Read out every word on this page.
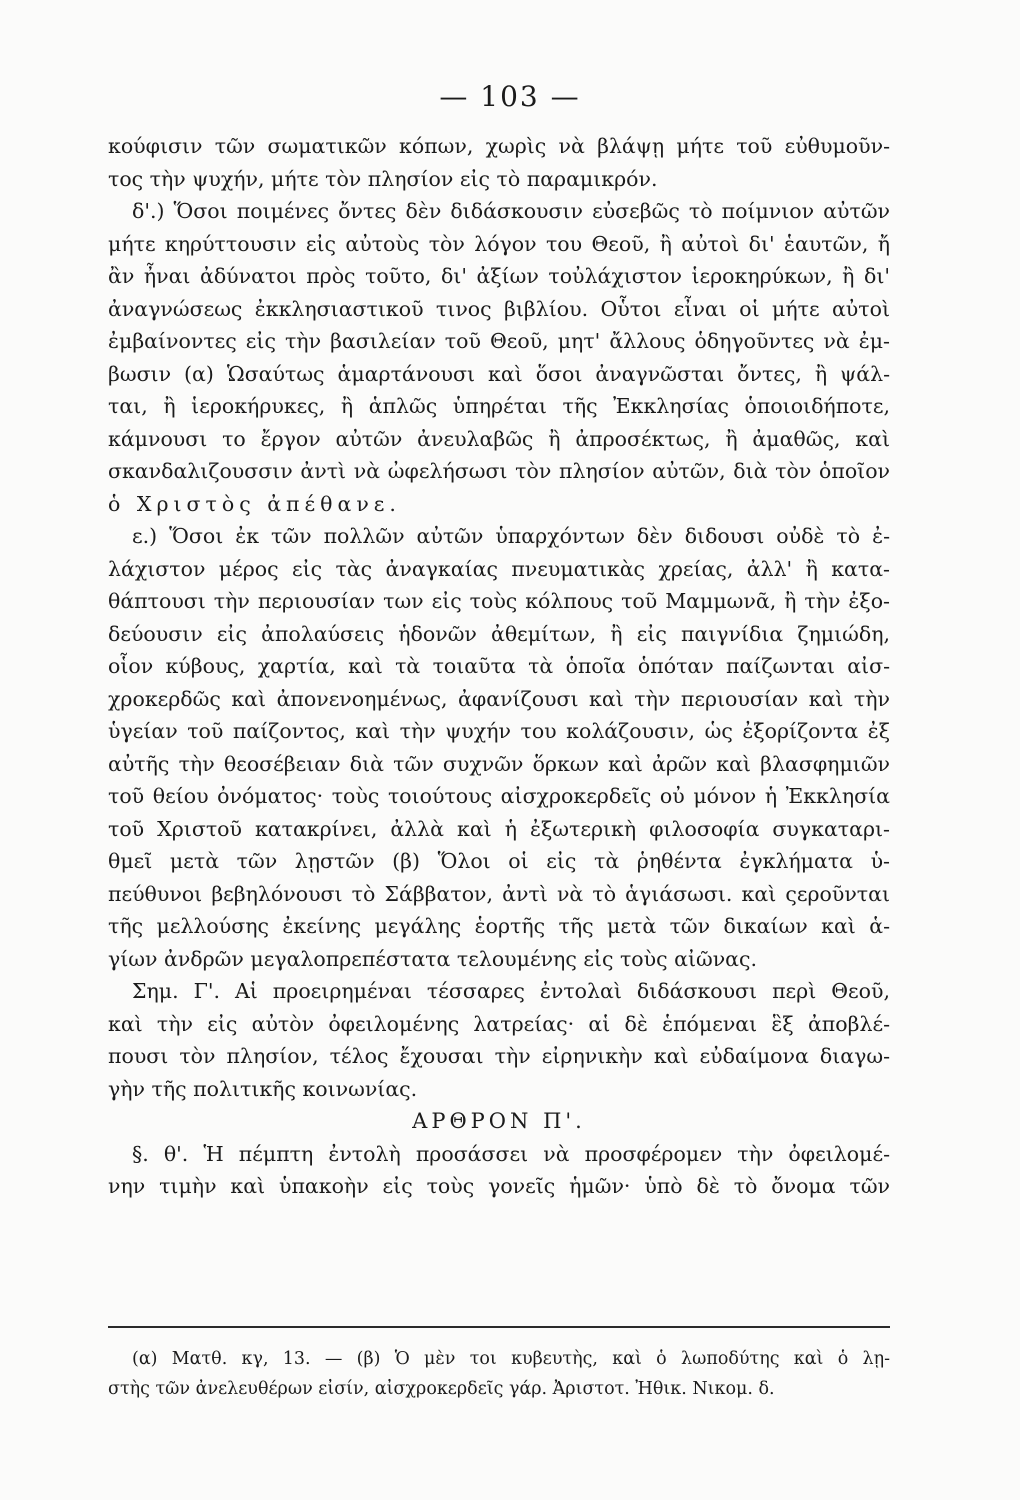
— 103 —
κούφισιν τῶν σωματικῶν κόπων, χωρὶς νὰ βλάψῃ μήτε τοῦ εὐθυμοῦν-
τος τὴν ψυχήν, μήτε τὸν πλησίον εἰς τὸ παραμικρόν.
δ'.) Ὅσοι ποιμένες ὄντες δὲν διδάσκουσιν εὐσεβῶς τὸ ποίμνιον αὐτῶν
μήτε κηρύττουσιν εἰς αὐτοὺς τὸν λόγον του Θεοῦ, ἢ αὐτοὶ δι' ἑαυτῶν, ἤ
ἂν ἦναι ἀδύνατοι πρὸς τοῦτο, δι' ἀξίων τοὐλάχιστον ἱεροκηρύκων, ἢ δι'
ἀναγνώσεως ἐκκλησιαστικοῦ τινος βιβλίου. Οὗτοι εἶναι οἱ μήτε αὐτοὶ
ἐμβαίνοντες εἰς τὴν βασιλείαν τοῦ Θεοῦ, μητ' ἄλλους ὁδηγοῦντες νὰ ἐμ-
βωσιν (α) Ὡσαύτως ἁμαρτάνουσι καὶ ὅσοι ἀναγνῶσται ὄντες, ἢ ψάλ-
ται, ἢ ἱεροκήρυκες, ἢ ἁπλῶς ὑπηρέται τῆς Ἐκκλησίας ὁποιοιδήποτε,
κάμνουσι το ἔργον αὐτῶν ἀνευλαβῶς ἢ ἀπροσέκτως, ἢ ἀμαθῶς, καὶ
σκανδαλιζουσσιν ἀντὶ νὰ ὠφελήσωσι τὸν πλησίον αὐτῶν, διὰ τὸν ὁποῖον
ὁ Χριστὸς ἀπέθανε.
ε.) Ὅσοι ἐκ τῶν πολλῶν αὐτῶν ὑπαρχόντων δὲν διδουσι οὐδὲ τὸ ἐ-
λάχιστον μέρος εἰς τὰς ἀναγκαίας πνευματικὰς χρείας, ἀλλ' ἢ κατα-
θάπτουσι τὴν περιουσίαν των εἰς τοὺς κόλπους τοῦ Μαμμωνᾶ, ἢ τὴν ἐξο-
δεύουσιν εἰς ἀπολαύσεις ἡδονῶν ἀθεμίτων, ἢ εἰς παιγνίδια ζημιώδη,
οἷον κύβους, χαρτία, καὶ τὰ τοιαῦτα τὰ ὁποῖα ὁπόταν παίζωνται αἰσ-
χροκερδῶς καὶ ἀπονενοημένως, ἀφανίζουσι καὶ τὴν περιουσίαν καὶ τὴν
ὑγείαν τοῦ παίζοντος, καὶ τὴν ψυχήν του κολάζουσιν, ὡς ἐξορίζοντα ἐξ
αὐτῆς τὴν θεοσέβειαν διὰ τῶν συχνῶν ὅρκων καὶ ἀρῶν καὶ βλασφημιῶν
τοῦ θείου ὀνόματος· τοὺς τοιούτους αἰσχροκερδεῖς οὐ μόνον ἡ Ἐκκλησία
τοῦ Χριστοῦ κατακρίνει, ἀλλὰ καὶ ἡ ἐξωτερικὴ φιλοσοφία συγκαταρι-
θμεῖ μετὰ τῶν λῃστῶν (β) Ὅλοι οἱ εἰς τὰ ῥηθέντα ἐγκλήματα ὑ-
πεύθυνοι βεβηλόνουσι τὸ Σάββατον, ἀντὶ νὰ τὸ ἁγιάσωσι. καὶ ςεροῦνται
τῆς μελλούσης ἐκείνης μεγάλης ἑορτῆς τῆς μετὰ τῶν δικαίων καὶ ἁ-
γίων ἀνδρῶν μεγαλοπρεπέστατα τελουμένης εἰς τοὺς αἰῶνας.
Σημ. Γ'. Αἱ προειρημέναι τέσσαρες ἐντολαὶ διδάσκουσι περὶ Θεοῦ,
καὶ τὴν εἰς αὐτὸν ὀφειλομένης λατρείας· αἱ δὲ ἑπόμεναι ἓξ ἀποβλέ-
πουσι τὸν πλησίον, τέλος ἔχουσαι τὴν εἰρηνικὴν καὶ εὐδαίμονα διαγω-
γὴν τῆς πολιτικῆς κοινωνίας.
ΑΡΘΡΟΝ Π'.
§. θ'. Ἡ πέμπτη ἐντολὴ προσάσσει νὰ προσφέρομεν τὴν ὀφειλομέ-
νην τιμὴν καὶ ὑπακοὴν εἰς τοὺς γονεῖς ἡμῶν· ὑπὸ δὲ τὸ ὄνομα τῶν
(α) Ματθ. κγ, 13. — (β) Ὁ μὲν τοι κυβευτὴς, καὶ ὁ λωποδύτης καὶ ὁ λῃ-
στὴς τῶν ἀνελευθέρων εἰσίν, αἰσχροκερδεῖς γάρ. Ἀριστοτ. Ἠθικ. Νικομ. δ.
